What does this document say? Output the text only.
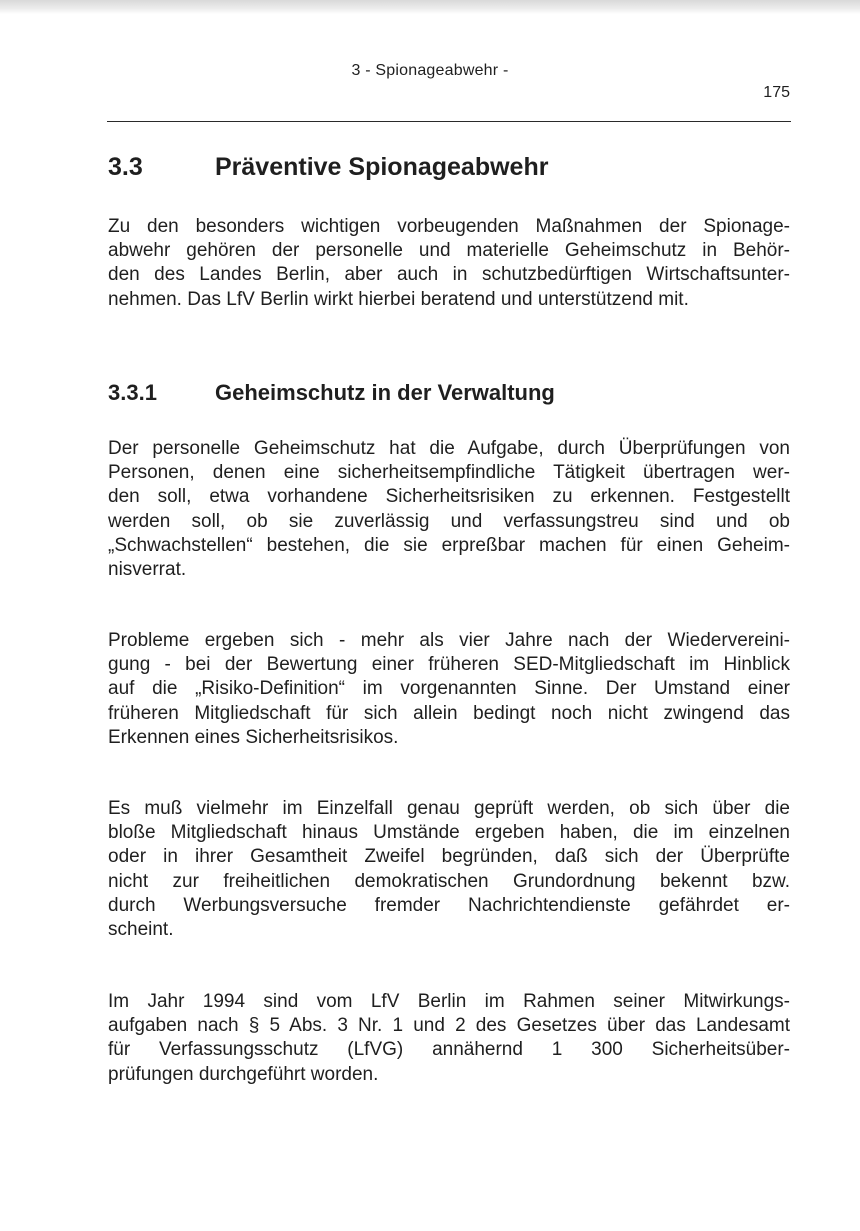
3 - Spionageabwehr -
175
3.3	Präventive Spionageabwehr
Zu den besonders wichtigen vorbeugenden Maßnahmen der Spionage-
abwehr gehören der personelle und materielle Geheimschutz in Behör-
den des Landes Berlin, aber auch in schutzbedürftigen Wirtschaftsunter-
nehmen. Das LfV Berlin wirkt hierbei beratend und unterstützend mit.
3.3.1	Geheimschutz in der Verwaltung
Der personelle Geheimschutz hat die Aufgabe, durch Überprüfungen von
Personen, denen eine sicherheitsempfindliche Tätigkeit übertragen wer-
den soll, etwa vorhandene Sicherheitsrisiken zu erkennen. Festgestellt
werden soll, ob sie zuverlässig und verfassungstreu sind und ob
„Schwachstellen“ bestehen, die sie erpreßbar machen für einen Geheim-
nisverrat.
Probleme ergeben sich - mehr als vier Jahre nach der Wiedervereini-
gung - bei der Bewertung einer früheren SED-Mitgliedschaft im Hinblick
auf die „Risiko-Definition“ im vorgenannten Sinne. Der Umstand einer
früheren Mitgliedschaft für sich allein bedingt noch nicht zwingend das
Erkennen eines Sicherheitsrisikos.
Es muß vielmehr im Einzelfall genau geprüft werden, ob sich über die
bloße Mitgliedschaft hinaus Umstände ergeben haben, die im einzelnen
oder in ihrer Gesamtheit Zweifel begründen, daß sich der Überprüfte
nicht zur freiheitlichen demokratischen Grundordnung bekennt bzw.
durch Werbungsversuche fremder Nachrichtendienste gefährdet er-
scheint.
Im Jahr 1994 sind vom LfV Berlin im Rahmen seiner Mitwirkungs-
aufgaben nach § 5 Abs. 3 Nr. 1 und 2 des Gesetzes über das Landesamt
für Verfassungsschutz (LfVG) annähernd 1 300 Sicherheitsüber-
prüfungen durchgeführt worden.
